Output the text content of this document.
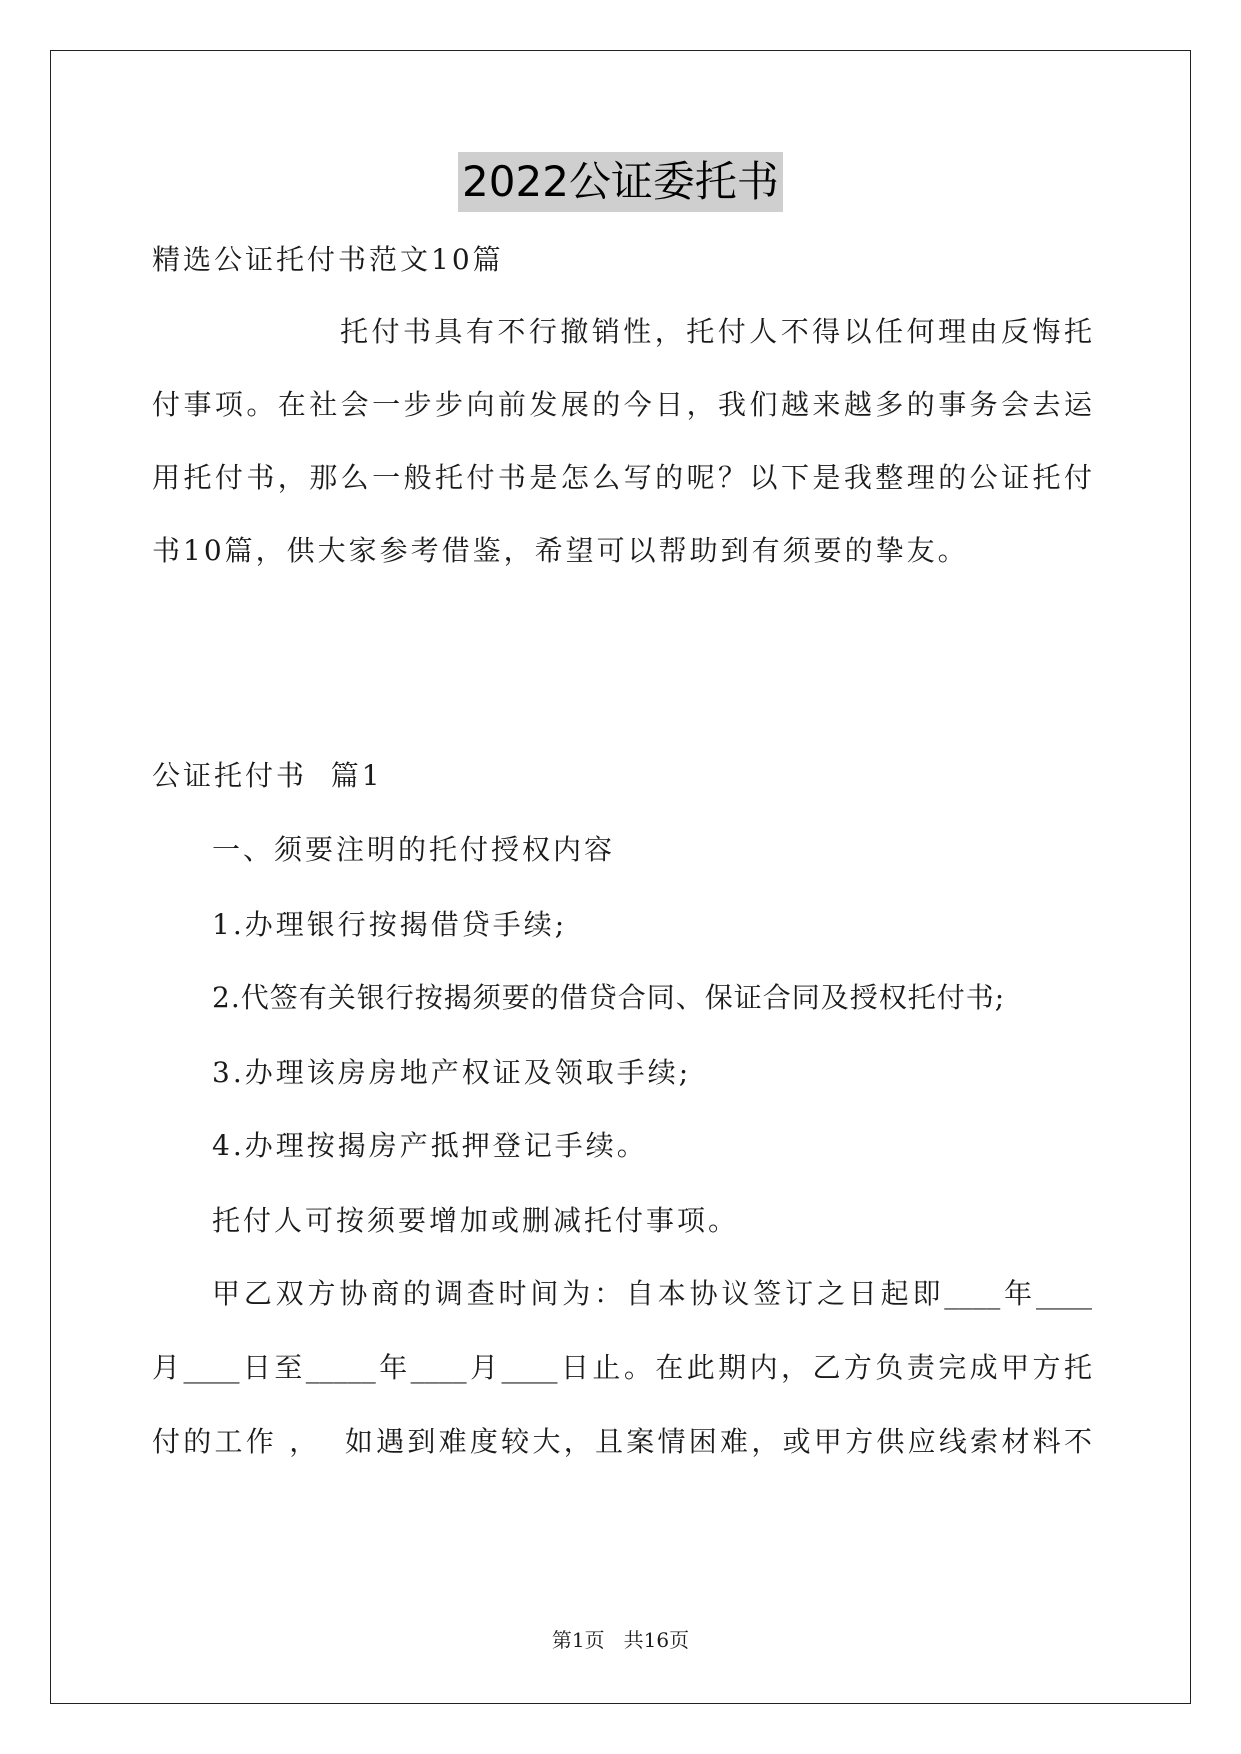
2022公证委托书
精选公证托付书范文10篇
托付书具有不行撤销性，托付人不得以任何理由反悔托
付事项。在社会一步步向前发展的今日，我们越来越多的事务会去运
用托付书，那么一般托付书是怎么写的呢？以下是我整理的公证托付
书10篇，供大家参考借鉴，希望可以帮助到有须要的挚友。
公证托付书  篇1
一、须要注明的托付授权内容
1.办理银行按揭借贷手续;
2.代签有关银行按揭须要的借贷合同、保证合同及授权托付书;
3.办理该房房地产权证及领取手续;
4.办理按揭房产抵押登记手续。
托付人可按须要增加或删减托付事项。
甲乙双方协商的调查时间为：自本协议签订之日起即____年____
月____日至_____年____月____日止。在此期内，乙方负责完成甲方托
付的工作 ，  如遇到难度较大，且案情困难，或甲方供应线索材料不
第1页   共16页
